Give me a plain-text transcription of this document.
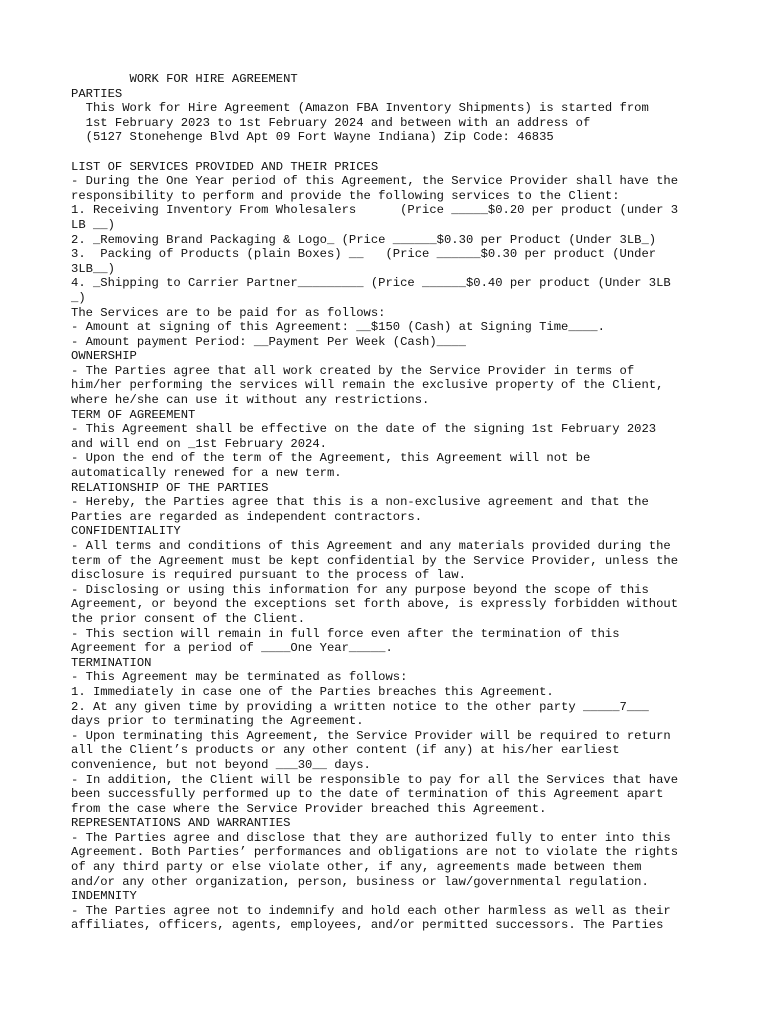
WORK FOR HIRE AGREEMENT
PARTIES
This Work for Hire Agreement (Amazon FBA Inventory Shipments) is started from
1st February 2023 to 1st February 2024 and between with an address of
(5127 Stonehenge Blvd Apt 09 Fort Wayne Indiana) Zip Code: 46835
LIST OF SERVICES PROVIDED AND THEIR PRICES
- During the One Year period of this Agreement, the Service Provider shall have the
responsibility to perform and provide the following services to the Client:
1. Receiving Inventory From Wholesalers      (Price _____$0.20 per product (under 3
LB __)
2. _Removing Brand Packaging & Logo_ (Price ______$0.30 per Product (Under 3LB_)
3.  Packing of Products (plain Boxes) __   (Price ______$0.30 per product (Under
3LB__)
4. _Shipping to Carrier Partner_________ (Price ______$0.40 per product (Under 3LB
_)
The Services are to be paid for as follows:
- Amount at signing of this Agreement: __$150 (Cash) at Signing Time____.
- Amount payment Period: __Payment Per Week (Cash)____
OWNERSHIP
- The Parties agree that all work created by the Service Provider in terms of
him/her performing the services will remain the exclusive property of the Client,
where he/she can use it without any restrictions.
TERM OF AGREEMENT
- This Agreement shall be effective on the date of the signing 1st February 2023
and will end on _1st February 2024.
- Upon the end of the term of the Agreement, this Agreement will not be
automatically renewed for a new term.
RELATIONSHIP OF THE PARTIES
- Hereby, the Parties agree that this is a non-exclusive agreement and that the
Parties are regarded as independent contractors.
CONFIDENTIALITY
- All terms and conditions of this Agreement and any materials provided during the
term of the Agreement must be kept confidential by the Service Provider, unless the
disclosure is required pursuant to the process of law.
- Disclosing or using this information for any purpose beyond the scope of this
Agreement, or beyond the exceptions set forth above, is expressly forbidden without
the prior consent of the Client.
- This section will remain in full force even after the termination of this
Agreement for a period of ____One Year_____.
TERMINATION
- This Agreement may be terminated as follows:
1. Immediately in case one of the Parties breaches this Agreement.
2. At any given time by providing a written notice to the other party _____7___
days prior to terminating the Agreement.
- Upon terminating this Agreement, the Service Provider will be required to return
all the Client’s products or any other content (if any) at his/her earliest
convenience, but not beyond ___30__ days.
- In addition, the Client will be responsible to pay for all the Services that have
been successfully performed up to the date of termination of this Agreement apart
from the case where the Service Provider breached this Agreement.
REPRESENTATIONS AND WARRANTIES
- The Parties agree and disclose that they are authorized fully to enter into this
Agreement. Both Parties’ performances and obligations are not to violate the rights
of any third party or else violate other, if any, agreements made between them
and/or any other organization, person, business or law/governmental regulation.
INDEMNITY
- The Parties agree not to indemnify and hold each other harmless as well as their
affiliates, officers, agents, employees, and/or permitted successors. The Parties
